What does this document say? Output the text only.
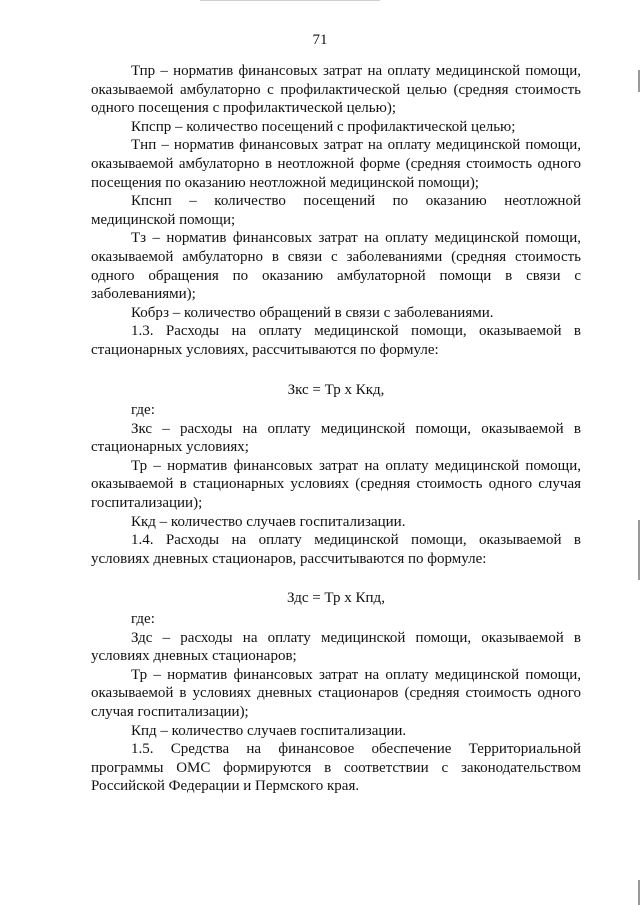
71

Тпр – норматив финансовых затрат на оплату медицинской помощи, оказываемой амбулаторно с профилактической целью (средняя стоимость одного посещения с профилактической целью);

Кпспр – количество посещений с профилактической целью;

Тнп – норматив финансовых затрат на оплату медицинской помощи, оказываемой амбулаторно в неотложной форме (средняя стоимость одного посещения по оказанию неотложной медицинской помощи);

Кпснп – количество посещений по оказанию неотложной медицинской помощи;

Тз – норматив финансовых затрат на оплату медицинской помощи, оказываемой амбулаторно в связи с заболеваниями (средняя стоимость одного обращения по оказанию амбулаторной помощи в связи с заболеваниями);

Кобрз – количество обращений в связи с заболеваниями.

1.3. Расходы на оплату медицинской помощи, оказываемой в стационарных условиях, рассчитываются по формуле:

Зкс = Тр х Ккд,

где:

Зкс – расходы на оплату медицинской помощи, оказываемой в стационарных условиях;

Тр – норматив финансовых затрат на оплату медицинской помощи, оказываемой в стационарных условиях (средняя стоимость одного случая госпитализации);

Ккд – количество случаев госпитализации.

1.4. Расходы на оплату медицинской помощи, оказываемой в условиях дневных стационаров, рассчитываются по формуле:

Здс = Тр х Кпд,

где:

Здс – расходы на оплату медицинской помощи, оказываемой в условиях дневных стационаров;

Тр – норматив финансовых затрат на оплату медицинской помощи, оказываемой в условиях дневных стационаров (средняя стоимость одного случая госпитализации);

Кпд – количество случаев госпитализации.

1.5. Средства на финансовое обеспечение Территориальной программы ОМС формируются в соответствии с законодательством Российской Федерации и Пермского края.
